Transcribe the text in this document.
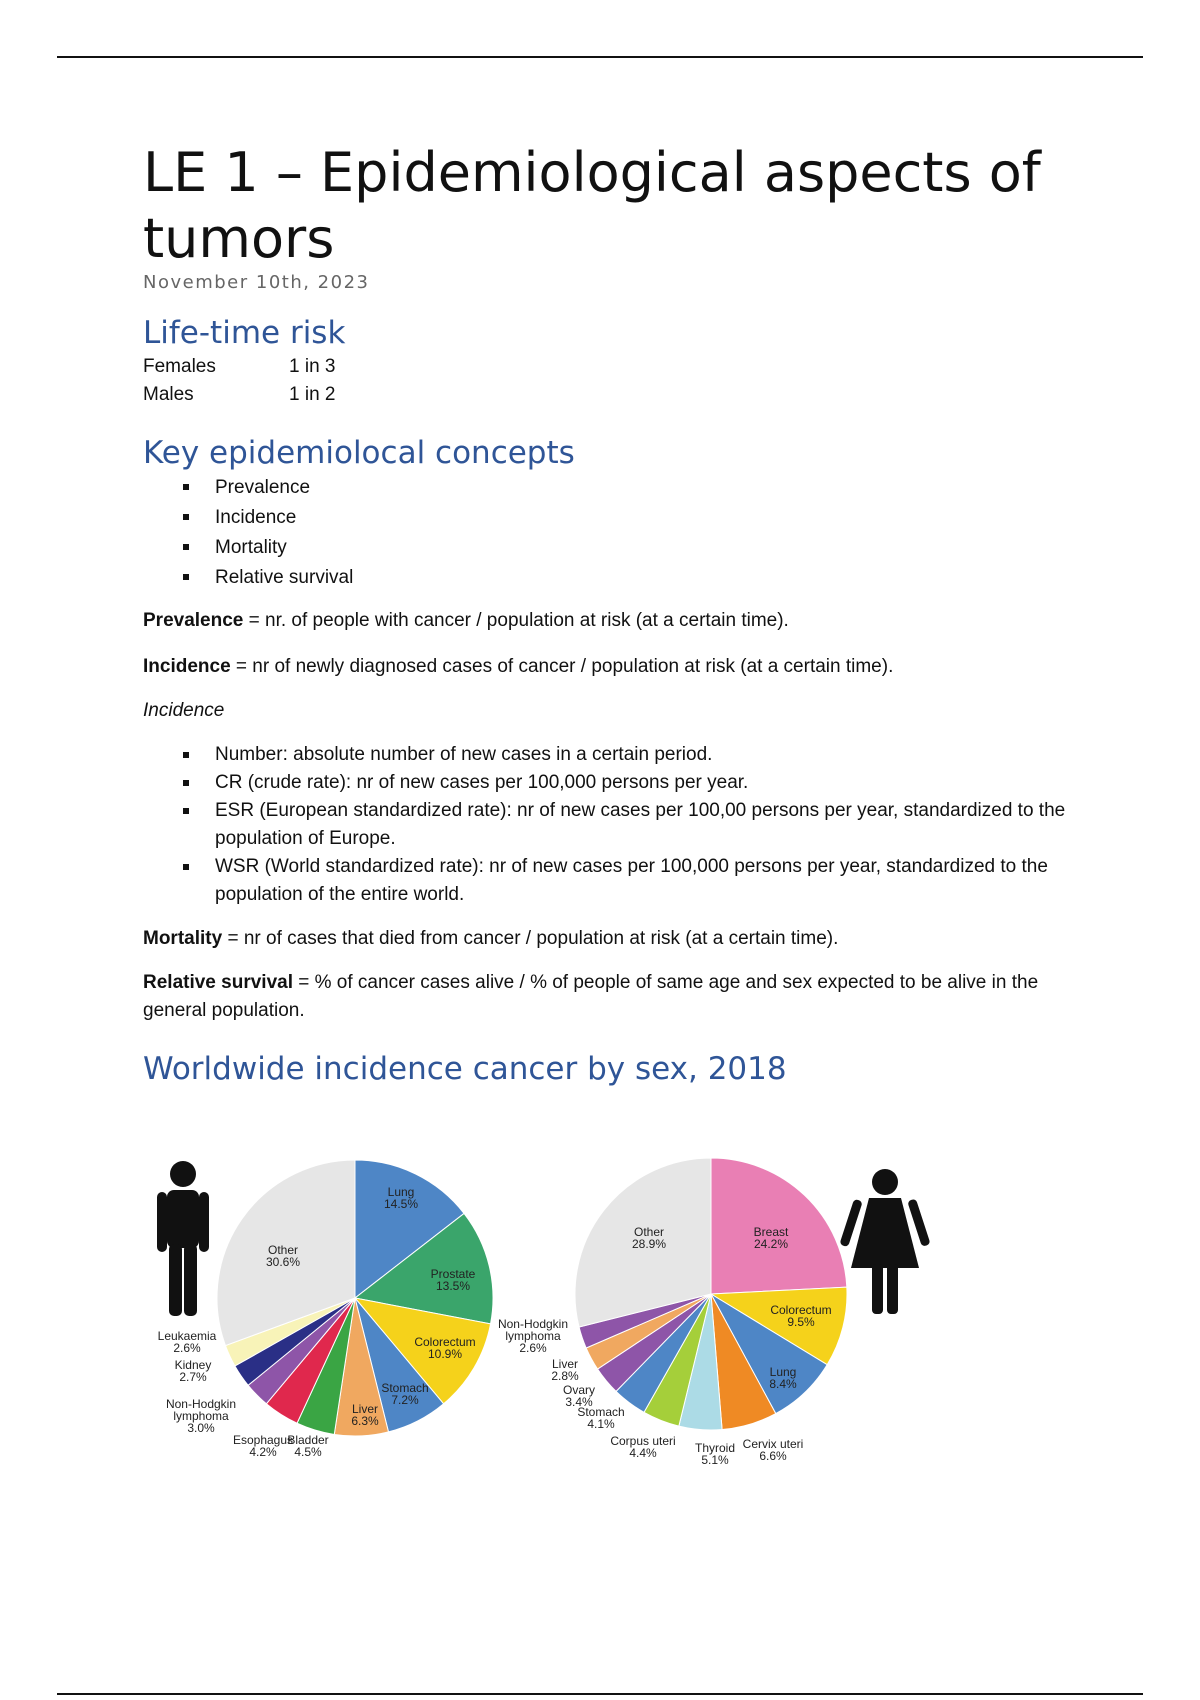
LE 1 – Epidemiological aspects of tumors
November 10th, 2023
Life-time risk
Females	1 in 3
Males	1 in 2
Key epidemiolocal concepts
Prevalence
Incidence
Mortality
Relative survival

Prevalence = nr. of people with cancer / population at risk (at a certain time).

Incidence = nr of newly diagnosed cases of cancer / population at risk (at a certain time).

Incidence

Number: absolute number of new cases in a certain period.
CR (crude rate): nr of new cases per 100,000 persons per year.
ESR (European standardized rate): nr of new cases per 100,00 persons per year, standardized to the population of Europe.
WSR (World standardized rate): nr of new cases per 100,000 persons per year, standardized to the population of the entire world.

Mortality = nr of cases that died from cancer / population at risk (at a certain time).

Relative survival = % of cancer cases alive / % of people of same age and sex expected to be alive in the general population.

Worldwide incidence cancer by sex, 2018
Lung 14.5%
Prostate 13.5%
Colorectum 10.9%
Stomach 7.2%
Liver 6.3%
Bladder 4.5%
Esophagus 4.2%
Non-Hodgkin lymphoma 3.0%
Kidney 2.7%
Leukaemia 2.6%
Other 30.6%
Breast 24.2%
Colorectum 9.5%
Lung 8.4%
Cervix uteri 6.6%
Thyroid 5.1%
Corpus uteri 4.4%
Stomach 4.1%
Ovary 3.4%
Liver 2.8%
Non-Hodgkin lymphoma 2.6%
Other 28.9%
